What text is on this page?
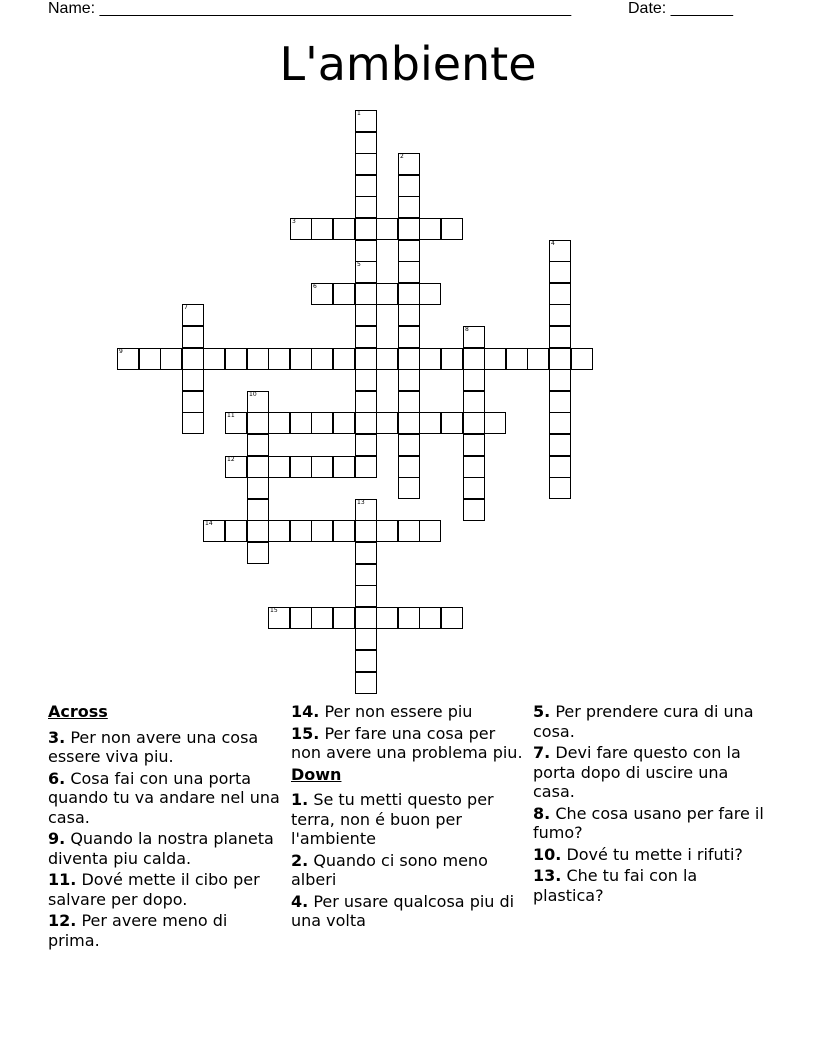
Name: _____________________________________________________	Date: _______
L'ambiente
1
5
2
3
4
6
7
8
9
10
11
12
13
14
15
Across
3. Per non avere una cosa essere viva piu.
6. Cosa fai con una porta quando tu va andare nel una casa.
9. Quando la nostra planeta diventa piu calda.
11. Dové mette il cibo per salvare per dopo.
12. Per avere meno di prima.
14. Per non essere piu
15. Per fare una cosa per non avere una problema piu.
Down
1. Se tu metti questo per terra, non é buon per l'ambiente
2. Quando ci sono meno alberi
4. Per usare qualcosa piu di una volta
5. Per prendere cura di una cosa.
7. Devi fare questo con la porta dopo di uscire una casa.
8. Che cosa usano per fare il fumo?
10. Dové tu mette i rifuti?
13. Che tu fai con la plastica?
